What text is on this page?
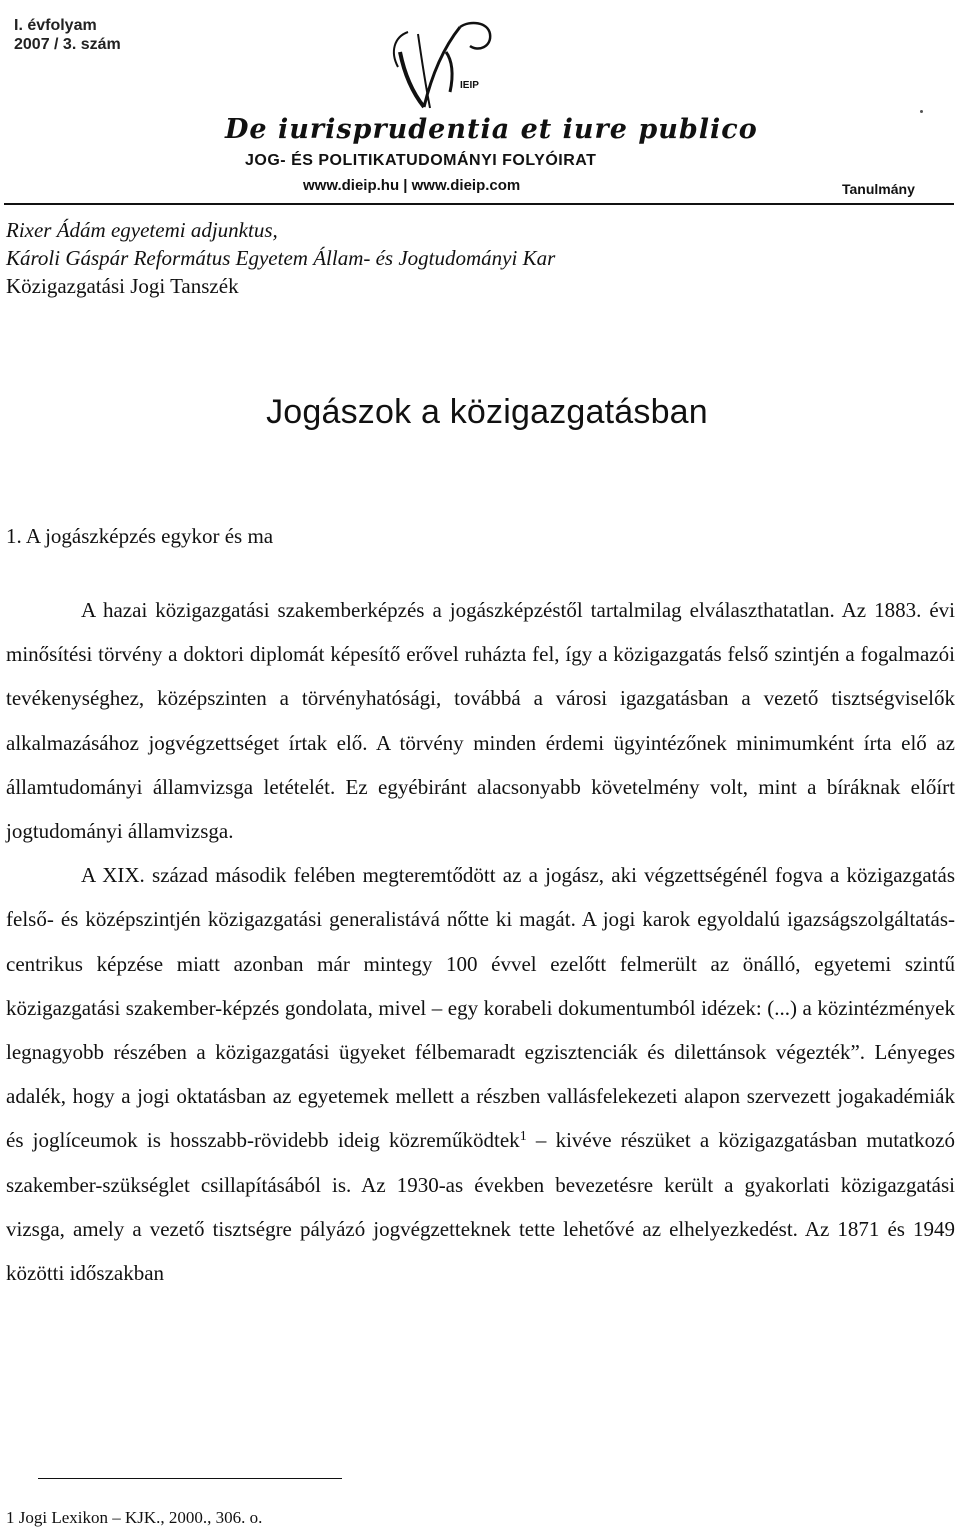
I. évfolyam
2007 / 3. szám
IEIP
De iurisprudentia et iure publico
JOG- ÉS POLITIKATUDOMÁNYI FOLYÓIRAT
www.dieip.hu | www.dieip.com	Tanulmány
Rixer Ádám egyetemi adjunktus,
Károli Gáspár Református Egyetem Állam- és Jogtudományi Kar
Közigazgatási Jogi Tanszék
Jogászok a közigazgatásban
1. A jogászképzés egykor és ma

A hazai közigazgatási szakemberképzés a jogászképzéstől tartalmilag elválaszthatatlan. Az 1883. évi minősítési törvény a doktori diplomát képesítő erővel ruházta fel, így a közigazgatás felső szintjén a fogalmazói tevékenységhez, középszinten a törvényhatósági, továbbá a városi igazgatásban a vezető tisztségviselők alkalmazásához jogvégzettséget írtak elő. A törvény minden érdemi ügyintézőnek minimumként írta elő az államtudományi államvizsga letételét. Ez egyébiránt alacsonyabb követelmény volt, mint a bíráknak előírt jogtudományi államvizsga.

A XIX. század második felében megteremtődött az a jogász, aki végzettségénél fogva a közigazgatás felső- és középszintjén közigazgatási generalistává nőtte ki magát. A jogi karok egyoldalú igazságszolgáltatás-centrikus képzése miatt azonban már mintegy 100 évvel ezelőtt felmerült az önálló, egyetemi szintű közigazgatási szakember-képzés gondolata, mivel – egy korabeli dokumentumból idézek: (...) a közintézmények legnagyobb részében a közigazgatási ügyeket félbemaradt egzisztenciák és dilettánsok végezték”. Lényeges adalék, hogy a jogi oktatásban az egyetemek mellett a részben vallásfelekezeti alapon szervezett jogakadémiák és joglíceumok is hosszabb-rövidebb ideig közreműködtek$^1$ – kivéve részüket a közigazgatásban mutatkozó szakember-szükséglet csillapításából is. Az 1930-as években bevezetésre került a gyakorlati közigazgatási vizsga, amely a vezető tisztségre pályázó jogvégzetteknek tette lehetővé az elhelyezkedést. Az 1871 és 1949 közötti időszakban

1 Jogi Lexikon – KJK., 2000., 306. o.
